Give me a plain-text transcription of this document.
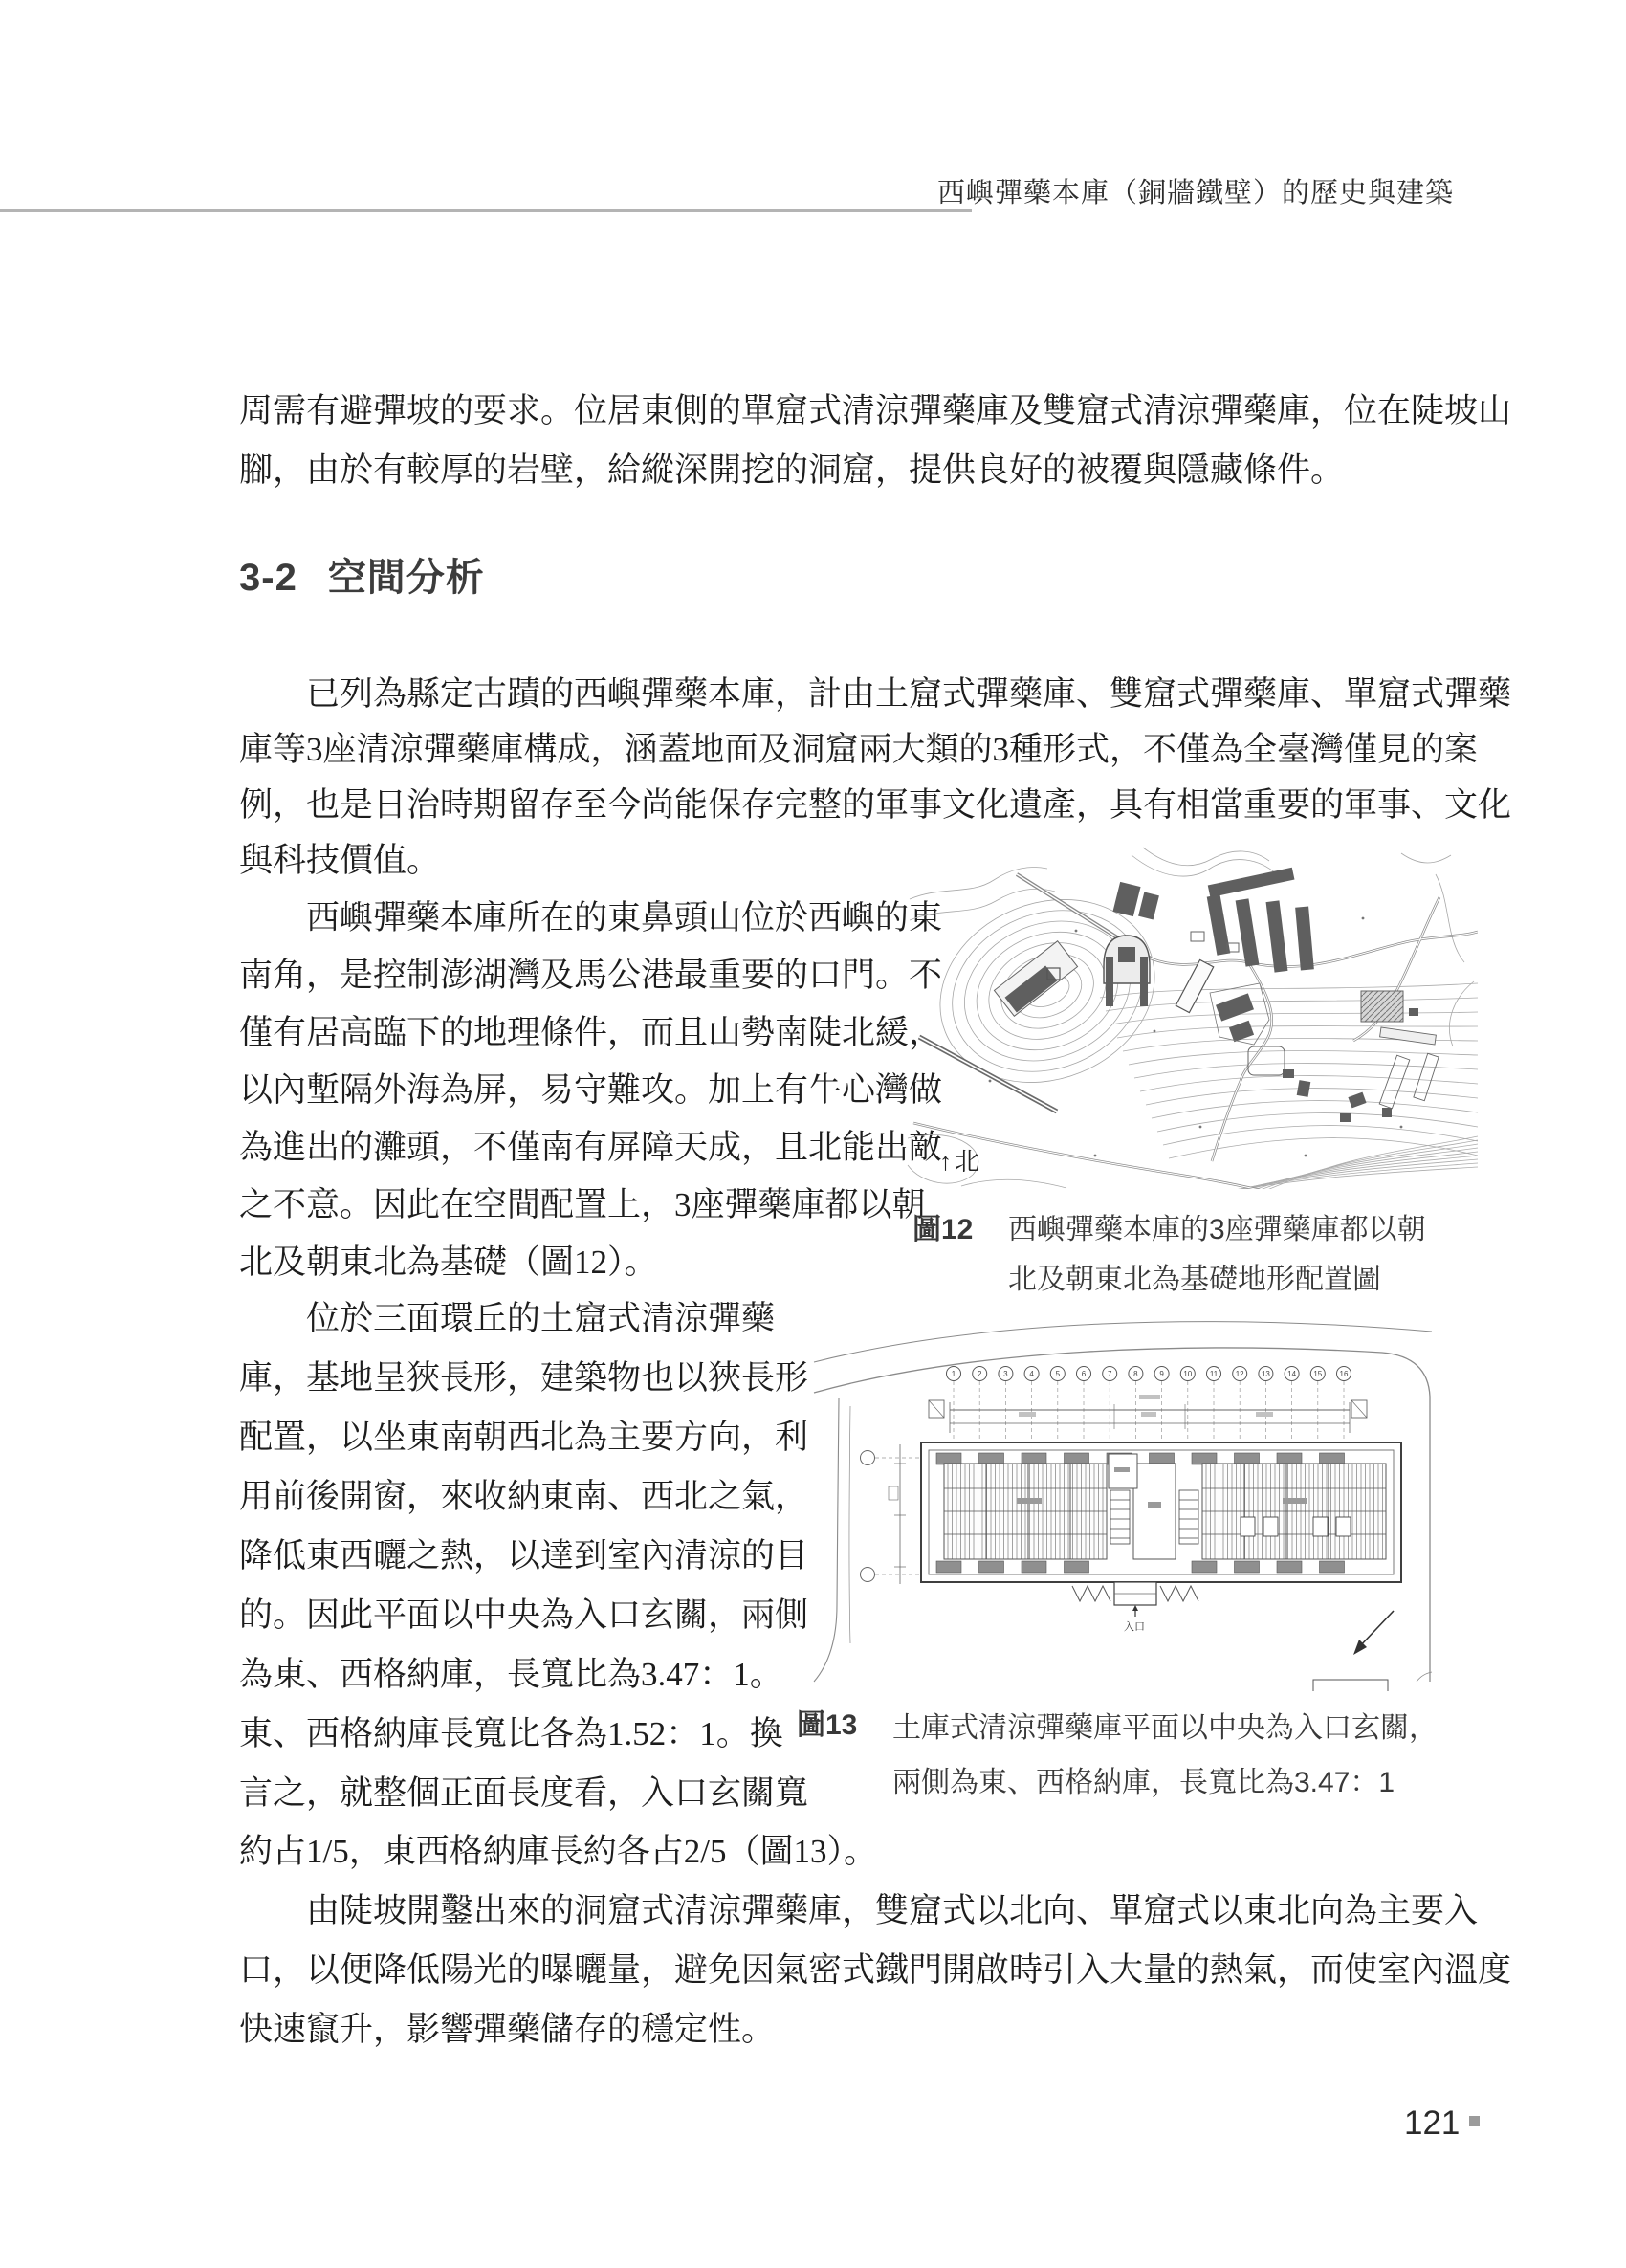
西嶼彈藥本庫（銅牆鐵壁）的歷史與建築
周需有避彈坡的要求。位居東側的單窟式清涼彈藥庫及雙窟式清涼彈藥庫，位在陡坡山
腳，由於有較厚的岩壁，給縱深開挖的洞窟，提供良好的被覆與隱藏條件。
3-2 空間分析
已列為縣定古蹟的西嶼彈藥本庫，計由土窟式彈藥庫、雙窟式彈藥庫、單窟式彈藥
庫等3座清涼彈藥庫構成，涵蓋地面及洞窟兩大類的3種形式，不僅為全臺灣僅見的案
例，也是日治時期留存至今尚能保存完整的軍事文化遺產，具有相當重要的軍事、文化
與科技價值。
西嶼彈藥本庫所在的東鼻頭山位於西嶼的東
南角，是控制澎湖灣及馬公港最重要的口門。不
僅有居高臨下的地理條件，而且山勢南陡北緩，
以內塹隔外海為屏，易守難攻。加上有牛心灣做
為進出的灘頭，不僅南有屏障天成，且北能出敵
之不意。因此在空間配置上，3座彈藥庫都以朝
北及朝東北為基礎（圖12）。
↑北
圖12 西嶼彈藥本庫的3座彈藥庫都以朝
北及朝東北為基礎地形配置圖
位於三面環丘的土窟式清涼彈藥
庫，基地呈狹長形，建築物也以狹長形
配置，以坐東南朝西北為主要方向，利
用前後開窗，來收納東南、西北之氣，
降低東西曬之熱，以達到室內清涼的目
的。因此平面以中央為入口玄關，兩側
為東、西格納庫，長寬比為3.47：1。
東、西格納庫長寬比各為1.52：1。換
言之，就整個正面長度看，入口玄關寬
約占1/5，東西格納庫長約各占2/5（圖13）。
1	2	3	4	5	6	7	8	9	10 11 12 13 14 15 16
入口
圖13 土庫式清涼彈藥庫平面以中央為入口玄關，
兩側為東、西格納庫，長寬比為3.47：1
由陡坡開鑿出來的洞窟式清涼彈藥庫，雙窟式以北向、單窟式以東北向為主要入
口，以便降低陽光的曝曬量，避免因氣密式鐵門開啟時引入大量的熱氣，而使室內溫度
快速竄升，影響彈藥儲存的穩定性。
121
